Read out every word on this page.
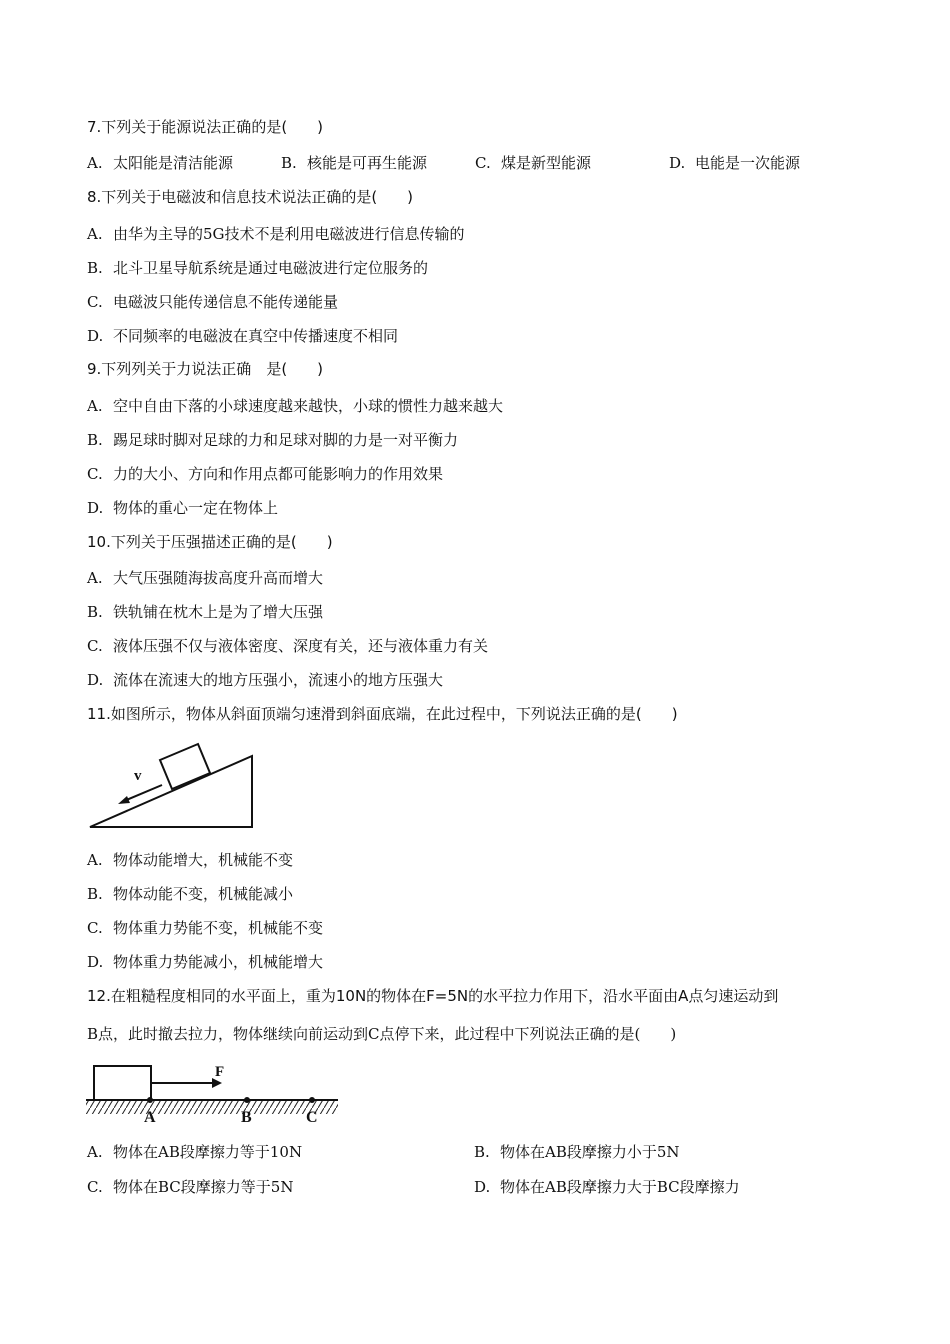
7.下列关于能源说法正确的是(　　)
A. 太阳能是清洁能源	B. 核能是可再生能源	C. 煤是新型能源	D. 电能是一次能源
8.下列关于电磁波和信息技术说法正确的是(　　)
A. 由华为主导的5G技术不是利用电磁波进行信息传输的
B. 北斗卫星导航系统是通过电磁波进行定位服务的
C. 电磁波只能传递信息不能传递能量
D. 不同频率的电磁波在真空中传播速度不相同
9.下列列关于力说法正确　是(　　)
A. 空中自由下落的小球速度越来越快，小球的惯性力越来越大
B. 踢足球时脚对足球的力和足球对脚的力是一对平衡力
C. 力的大小、方向和作用点都可能影响力的作用效果
D. 物体的重心一定在物体上
10.下列关于压强描述正确的是(　　)
A. 大气压强随海拔高度升高而增大
B. 铁轨铺在枕木上是为了增大压强
C. 液体压强不仅与液体密度、深度有关，还与液体重力有关
D. 流体在流速大的地方压强小，流速小的地方压强大
11.如图所示，物体从斜面顶端匀速滑到斜面底端，在此过程中，下列说法正确的是(　　)
v
A. 物体动能增大，机械能不变
B. 物体动能不变，机械能减小
C. 物体重力势能不变，机械能不变
D. 物体重力势能减小，机械能增大
12.在粗糙程度相同的水平面上，重为10N的物体在F=5N的水平拉力作用下，沿水平面由A点匀速运动到
B点，此时撤去拉力，物体继续向前运动到C点停下来，此过程中下列说法正确的是(　　)
F
A	B	C
A. 物体在AB段摩擦力等于10N	B. 物体在AB段摩擦力小于5N
C. 物体在BC段摩擦力等于5N	D. 物体在AB段摩擦力大于BC段摩擦力
